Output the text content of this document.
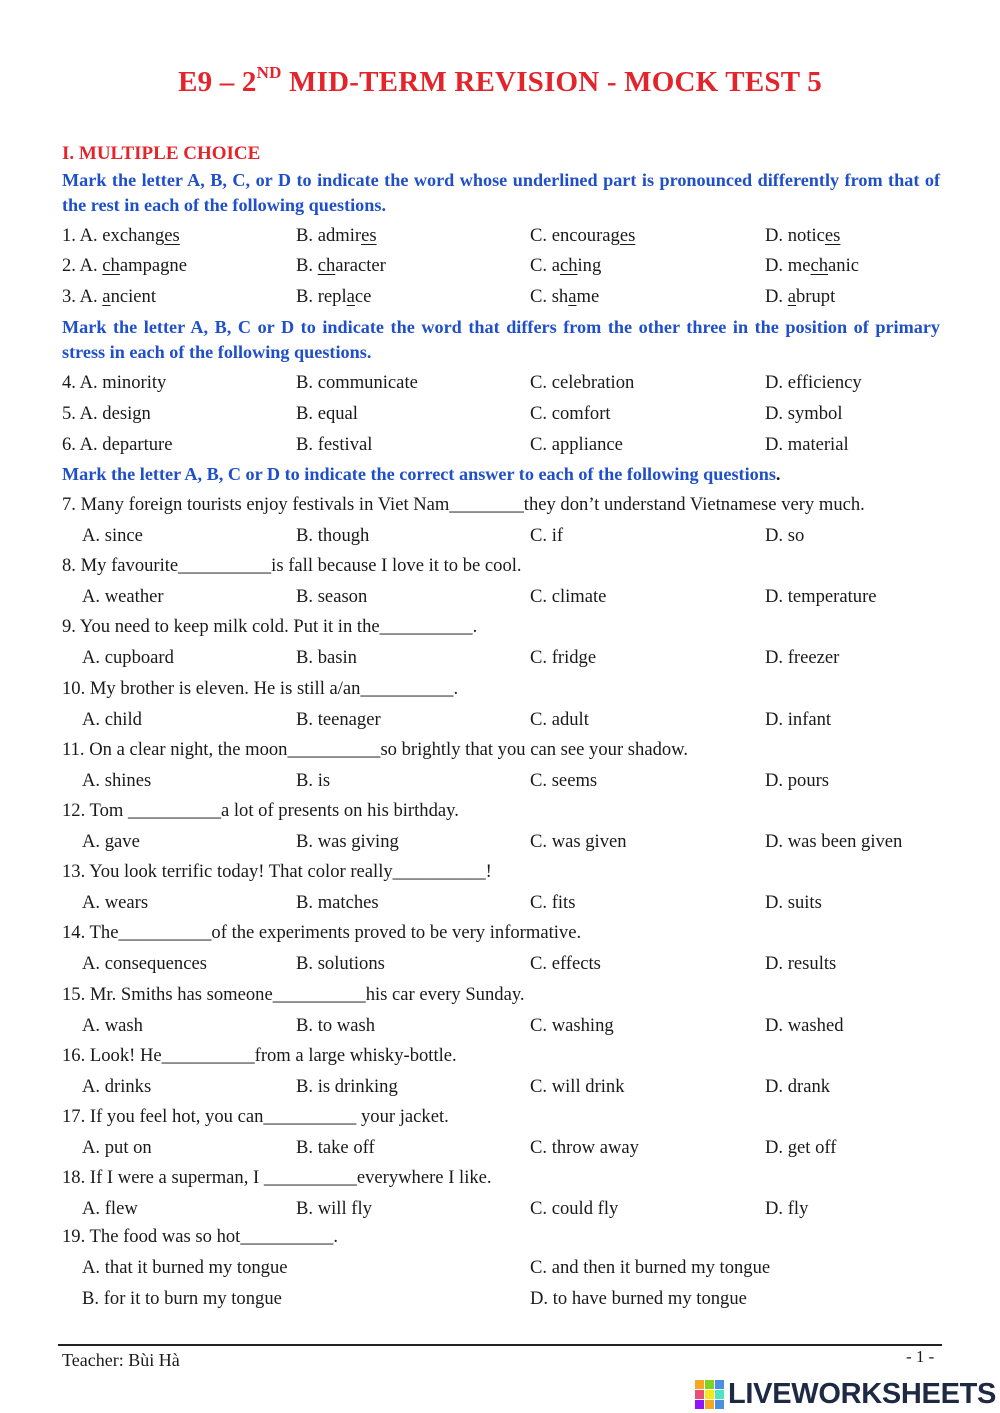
E9 – 2ND MID-TERM REVISION - MOCK TEST 5
I. MULTIPLE CHOICE
Mark the letter A, B, C, or D to indicate the word whose underlined part is pronounced differently from that of the rest in each of the following questions.
1. A. exchanges	B. admires	C. encourages	D. notices
2. A. champagne	B. character	C. aching	D. mechanic
3. A. ancient	B. replace	C. shame	D. abrupt
Mark the letter A, B, C or D to indicate the word that differs from the other three in the position of primary stress in each of the following questions.
4. A. minority	B. communicate	C. celebration	D. efficiency
5. A. design	B. equal	C. comfort	D. symbol
6. A. departure	B. festival	C. appliance	D. material
Mark the letter A, B, C or D to indicate the correct answer to each of the following questions.
7. Many foreign tourists enjoy festivals in Viet Nam________they don’t understand Vietnamese very much.
A. since	B. though	C. if	D. so
8. My favourite__________is fall because I love it to be cool.
A. weather	B. season	C. climate	D. temperature
9. You need to keep milk cold. Put it in the__________.
A. cupboard	B. basin	C. fridge	D. freezer
10. My brother is eleven. He is still a/an__________.
A. child	B. teenager	C. adult	D. infant
11. On a clear night, the moon__________so brightly that you can see your shadow.
A. shines	B. is	C. seems	D. pours
12. Tom __________a lot of presents on his birthday.
A. gave	B. was giving	C. was given	D. was been given
13. You look terrific today! That color really__________!
A. wears	B. matches	C. fits	D. suits
14. The__________of the experiments proved to be very informative.
A. consequences	B. solutions	C. effects	D. results
15. Mr. Smiths has someone__________his car every Sunday.
A. wash	B. to wash	C. washing	D. washed
16. Look! He__________from a large whisky-bottle.
A. drinks	B. is drinking	C. will drink	D. drank
17. If you feel hot, you can__________ your jacket.
A. put on	B. take off	C. throw away	D. get off
18. If I were a superman, I __________everywhere I like.
A. flew	B. will fly	C. could fly	D. fly
19. The food was so hot__________.
A. that it burned my tongue	C. and then it burned my tongue
B. for it to burn my tongue	D. to have burned my tongue
Teacher: Bùi Hà	- 1 -
LIVEWORKSHEETS
